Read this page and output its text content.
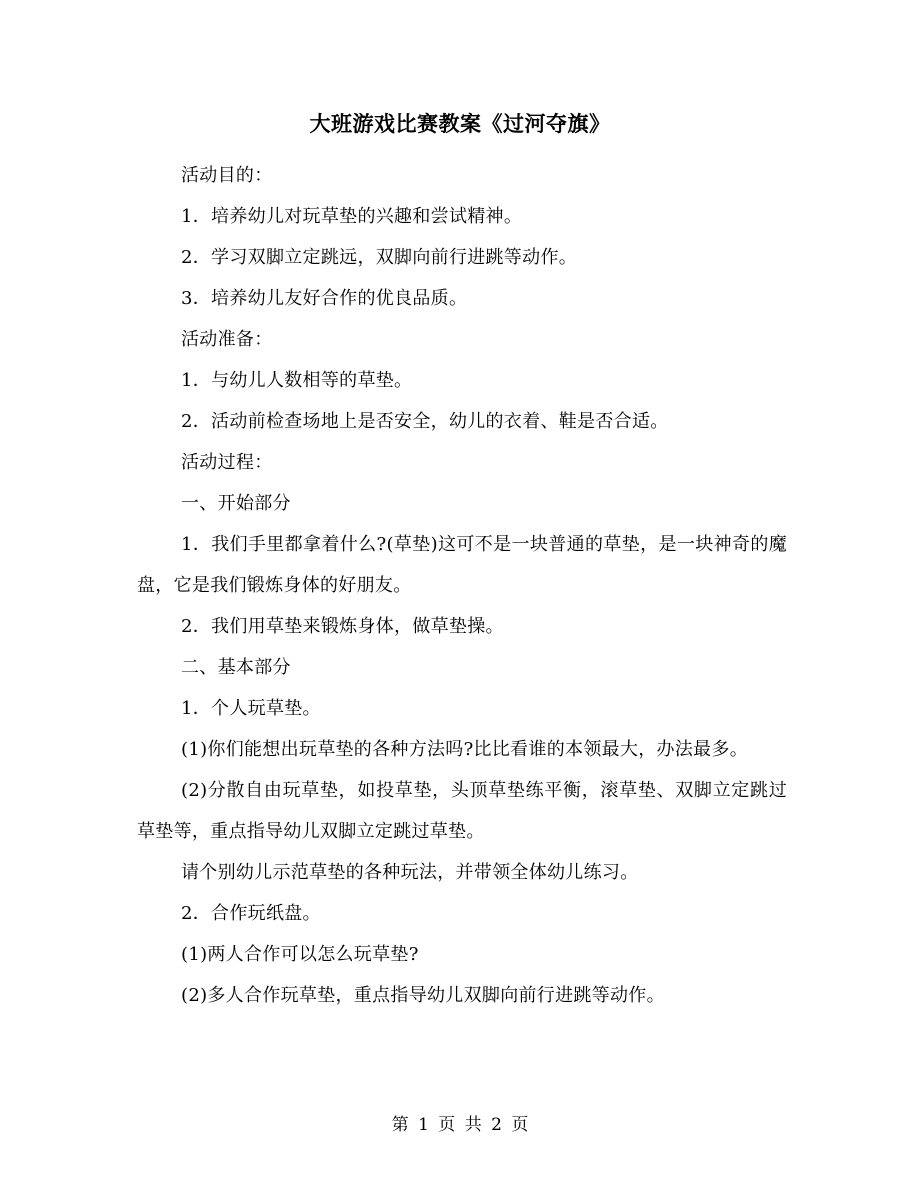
大班游戏比赛教案《过河夺旗》

活动目的：

1．培养幼儿对玩草垫的兴趣和尝试精神。

2．学习双脚立定跳远，双脚向前行进跳等动作。

3．培养幼儿友好合作的优良品质。

活动准备：

1．与幼儿人数相等的草垫。

2．活动前检查场地上是否安全，幼儿的衣着、鞋是否合适。

活动过程：

一、开始部分

1．我们手里都拿着什么?(草垫)这可不是一块普通的草垫，是一块神奇的魔盘，它是我们锻炼身体的好朋友。

2．我们用草垫来锻炼身体，做草垫操。

二、基本部分

1．个人玩草垫。

(1)你们能想出玩草垫的各种方法吗?比比看谁的本领最大，办法最多。

(2)分散自由玩草垫，如投草垫，头顶草垫练平衡，滚草垫、双脚立定跳过草垫等，重点指导幼儿双脚立定跳过草垫。

请个别幼儿示范草垫的各种玩法，并带领全体幼儿练习。

2．合作玩纸盘。

(1)两人合作可以怎么玩草垫?

(2)多人合作玩草垫，重点指导幼儿双脚向前行进跳等动作。

第 1 页 共 2 页
